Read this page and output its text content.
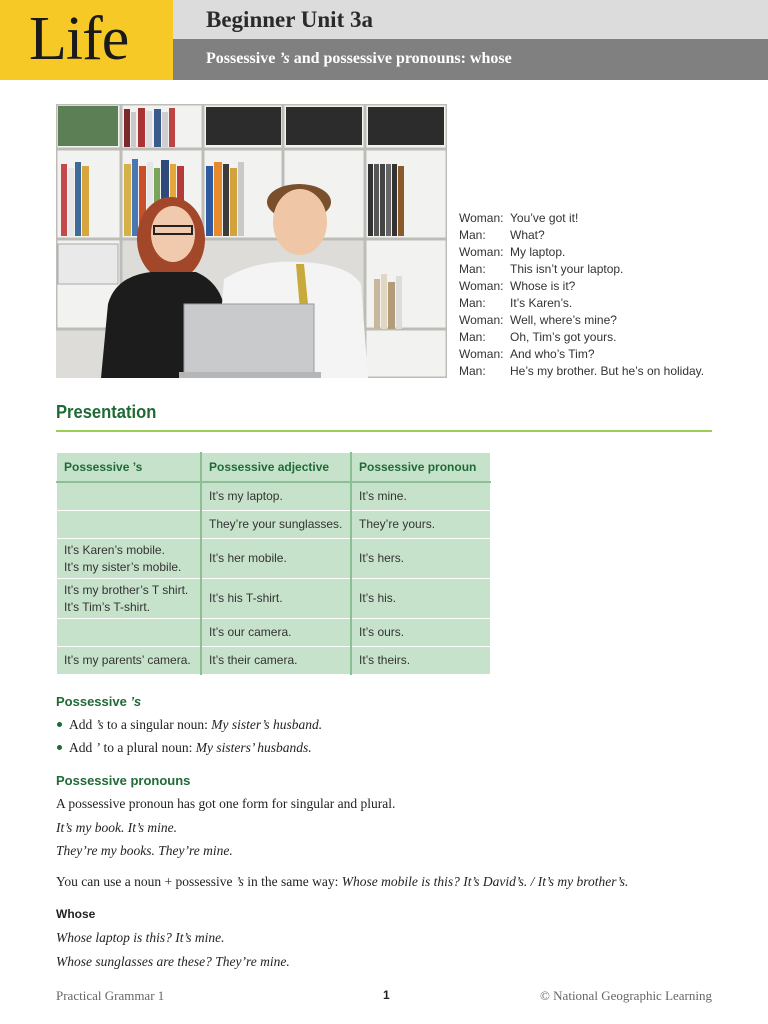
Life	Beginner Unit 3a
Possessive ’s and possessive pronouns: whose
Woman: You’ve got it!
Man:	What?
Woman: My laptop.
Man:	This isn’t your laptop.
Woman: Whose is it?
Man:	It’s Karen’s.
Woman: Well, where’s mine?
Man:	Oh, Tim’s got yours.
Woman: And who’s Tim?
Man:	He’s my brother. But he’s on holiday.
Presentation
Possessive ’s	Possessive adjective	Possessive pronoun
	It’s my laptop.	It’s mine.
	They’re your sunglasses.	They’re yours.

It’s Karen’s mobile.
It’s my sister’s mobile.	It’s her mobile.	It’s hers.

It’s my brother’s T shirt.
It’s Tim’s T-shirt.	It’s his T-shirt.	It’s his.
	It’s our camera.	It’s ours.
It’s my parents’ camera.	It’s their camera.	It’s theirs.
Possessive ’s
Add ’s to a singular noun: My sister’s husband.
Add ’ to a plural noun: My sisters’ husbands.
Possessive pronouns
A possessive pronoun has got one form for singular and plural.
It’s my book. It’s mine.
They’re my books. They’re mine.
You can use a noun + possessive ’s in the same way: Whose mobile is this? It’s David’s. / It’s my brother’s.
Whose
Whose laptop is this? It’s mine.
Whose sunglasses are these? They’re mine.
Practical Grammar 1	1	© National Geographic Learning
